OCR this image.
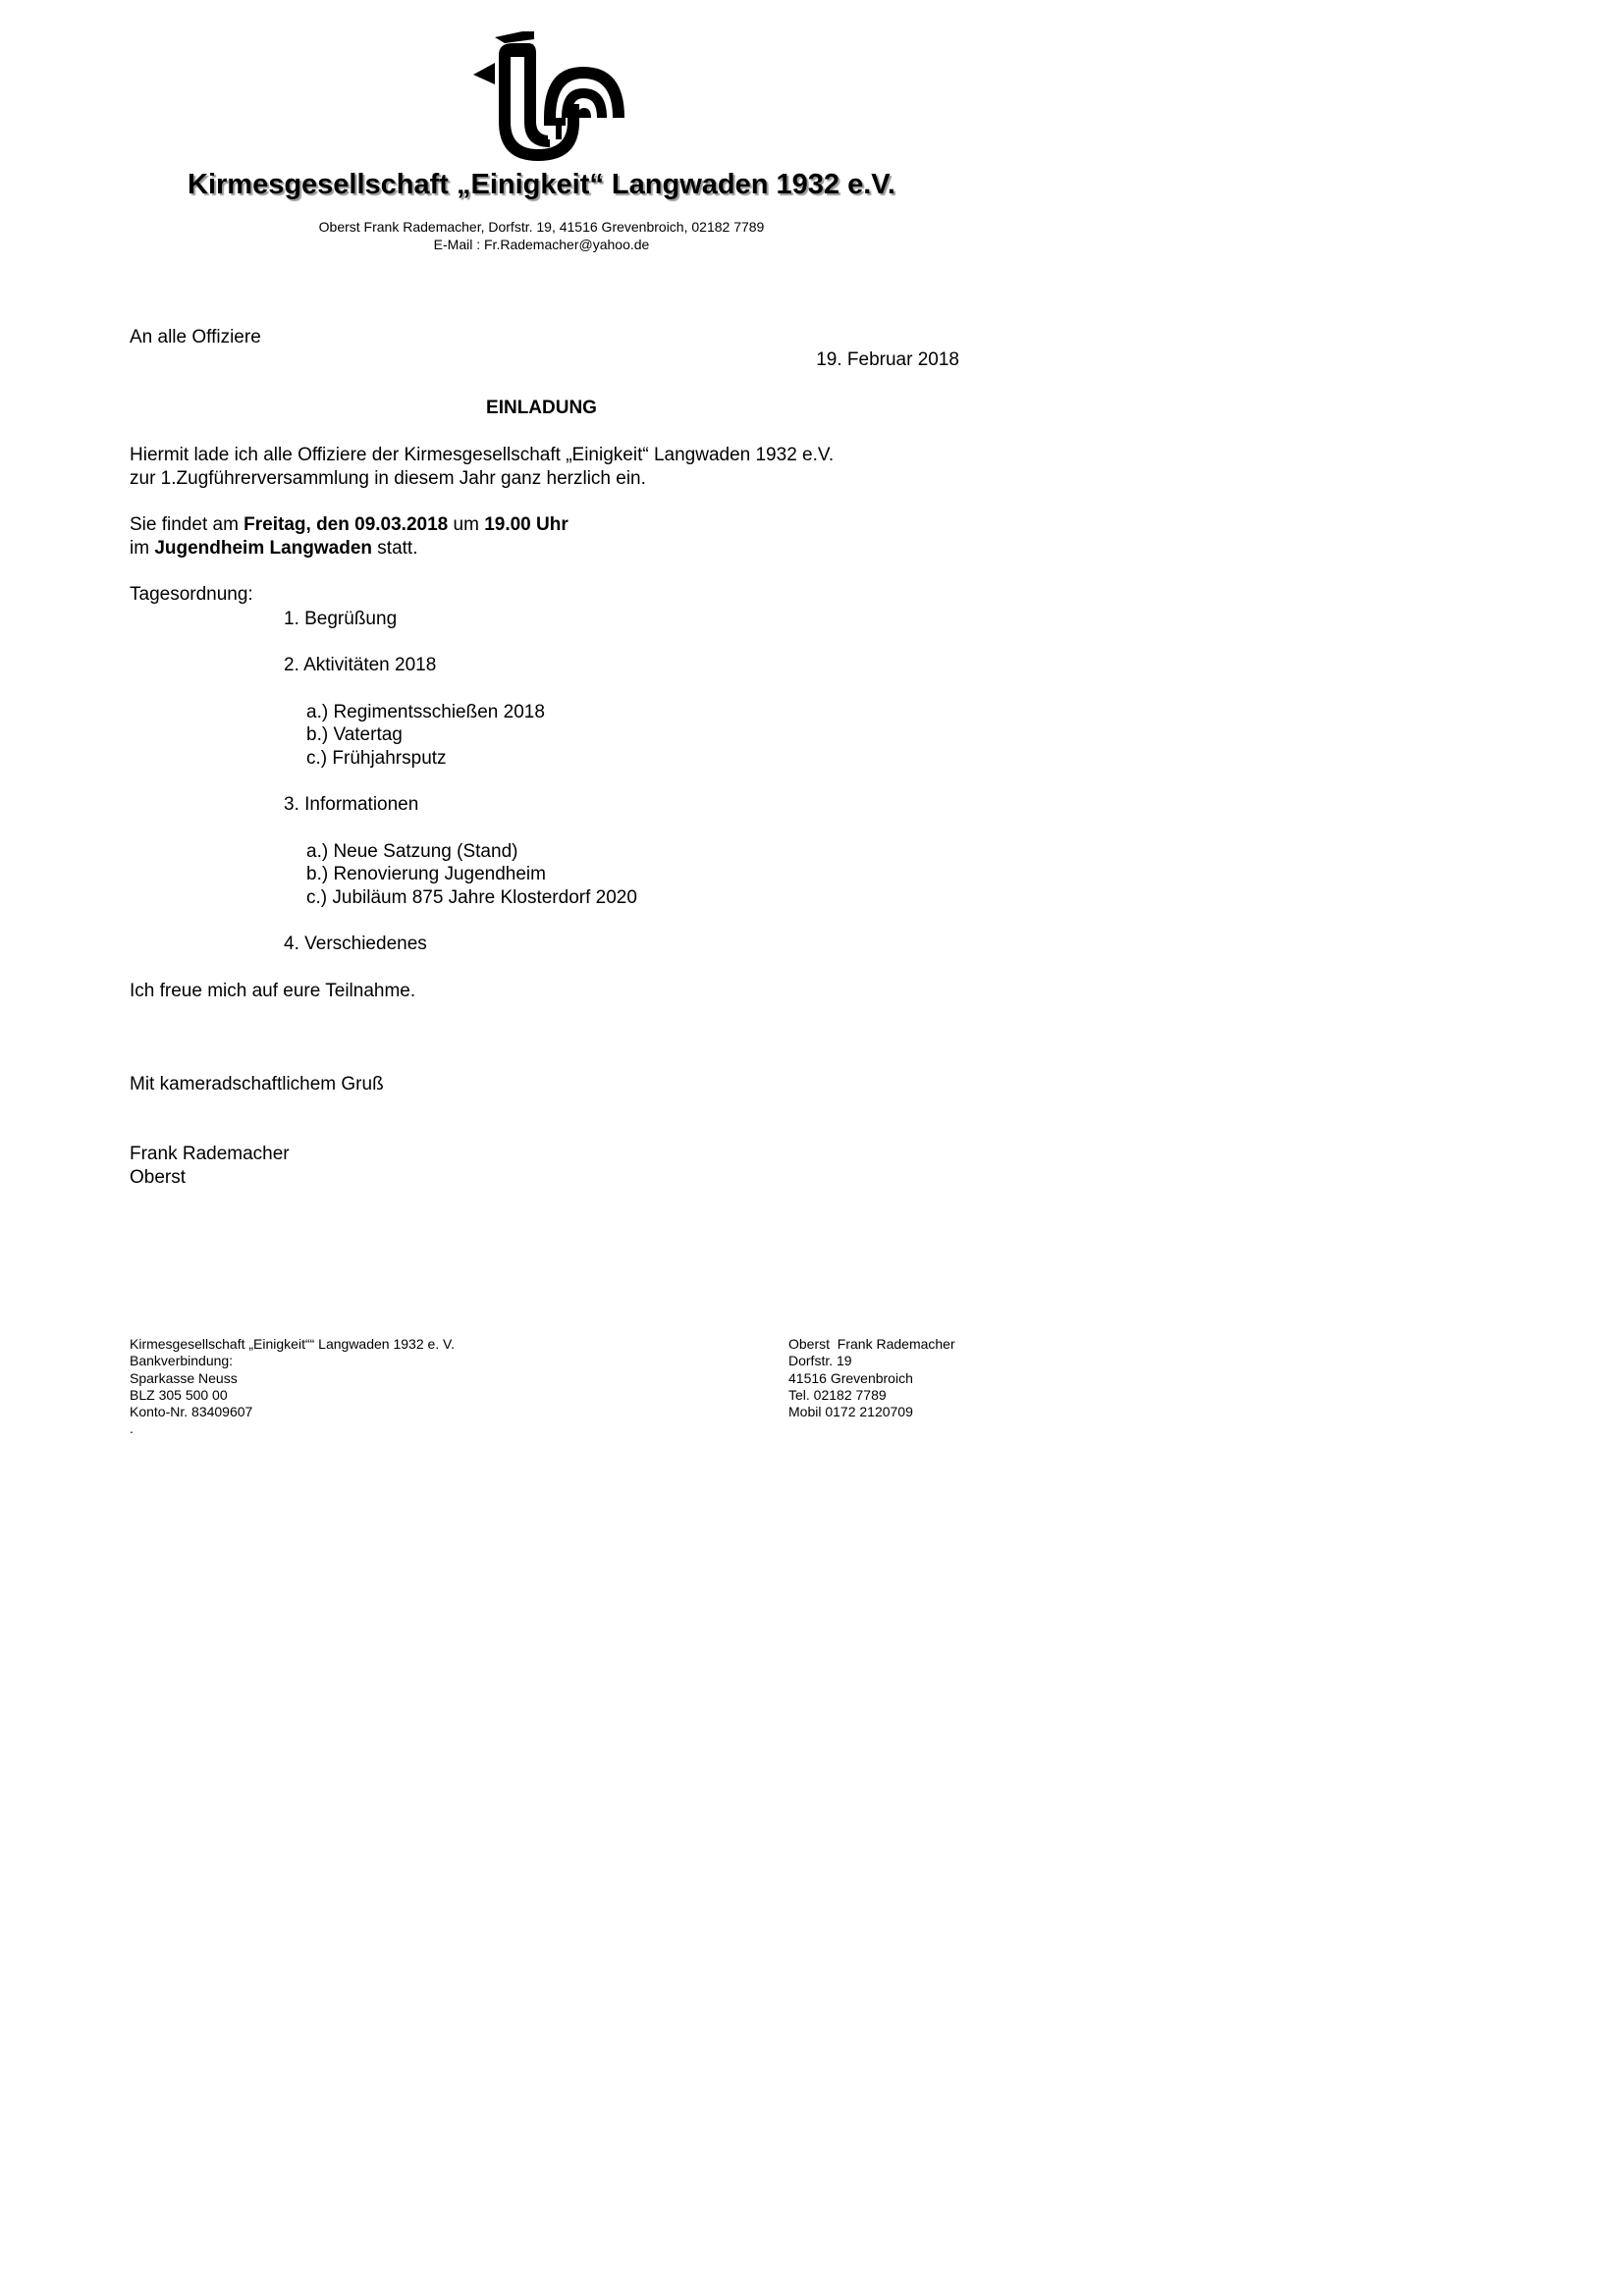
Kirmesgesellschaft „Einigkeit“ Langwaden 1932 e.V.
Oberst Frank Rademacher, Dorfstr. 19, 41516 Grevenbroich, 02182 7789
E-Mail : Fr.Rademacher@yahoo.de
An alle Offiziere
19. Februar 2018
EINLADUNG
Hiermit lade ich alle Offiziere der Kirmesgesellschaft „Einigkeit“ Langwaden 1932 e.V.
zur 1.Zugführerversammlung in diesem Jahr ganz herzlich ein.
Sie findet am Freitag, den 09.03.2018 um 19.00 Uhr
im Jugendheim Langwaden statt.
Tagesordnung:
1. Begrüßung
2. Aktivitäten 2018
a.) Regimentsschießen 2018
b.) Vatertag
c.) Frühjahrsputz
3. Informationen
a.) Neue Satzung (Stand)
b.) Renovierung Jugendheim
c.) Jubiläum 875 Jahre Klosterdorf 2020
4. Verschiedenes
Ich freue mich auf eure Teilnahme.
Mit kameradschaftlichem Gruß
Frank Rademacher
Oberst
Kirmesgesellschaft „Einigkeit““ Langwaden 1932 e. V.
Bankverbindung:
Sparkasse Neuss
BLZ 305 500 00
Konto-Nr. 83409607
.
Oberst  Frank Rademacher
Dorfstr. 19
41516 Grevenbroich
Tel. 02182 7789
Mobil 0172 2120709
